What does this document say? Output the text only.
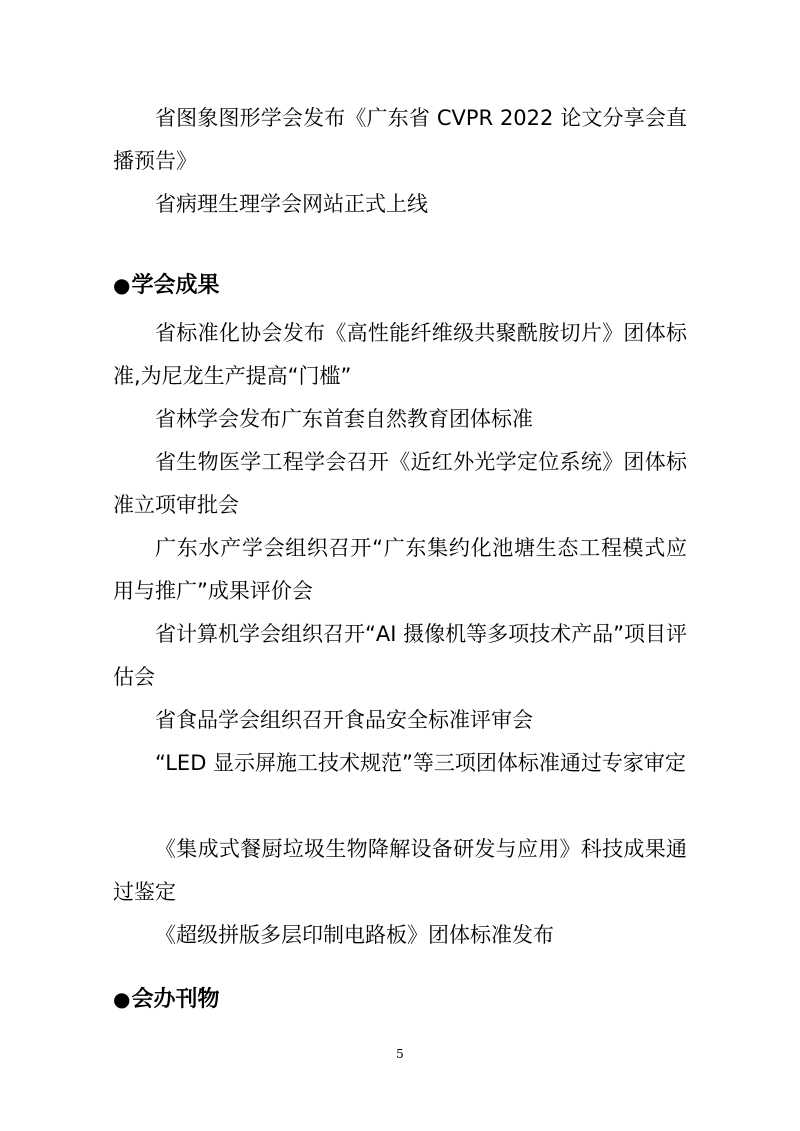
省图象图形学会发布《广东省 CVPR 2022 论文分享会直播预告》

省病理生理学会网站正式上线

●学会成果

省标准化协会发布《高性能纤维级共聚酰胺切片》团体标准,为尼龙生产提高“门槛”

省林学会发布广东首套自然教育团体标准

省生物医学工程学会召开《近红外光学定位系统》团体标准立项审批会

广东水产学会组织召开“广东集约化池塘生态工程模式应用与推广”成果评价会

省计算机学会组织召开“AI 摄像机等多项技术产品”项目评估会

省食品学会组织召开食品安全标准评审会

“LED 显示屏施工技术规范”等三项团体标准通过专家审定

《集成式餐厨垃圾生物降解设备研发与应用》科技成果通过鉴定

《超级拼版多层印制电路板》团体标准发布

●会办刊物
5
